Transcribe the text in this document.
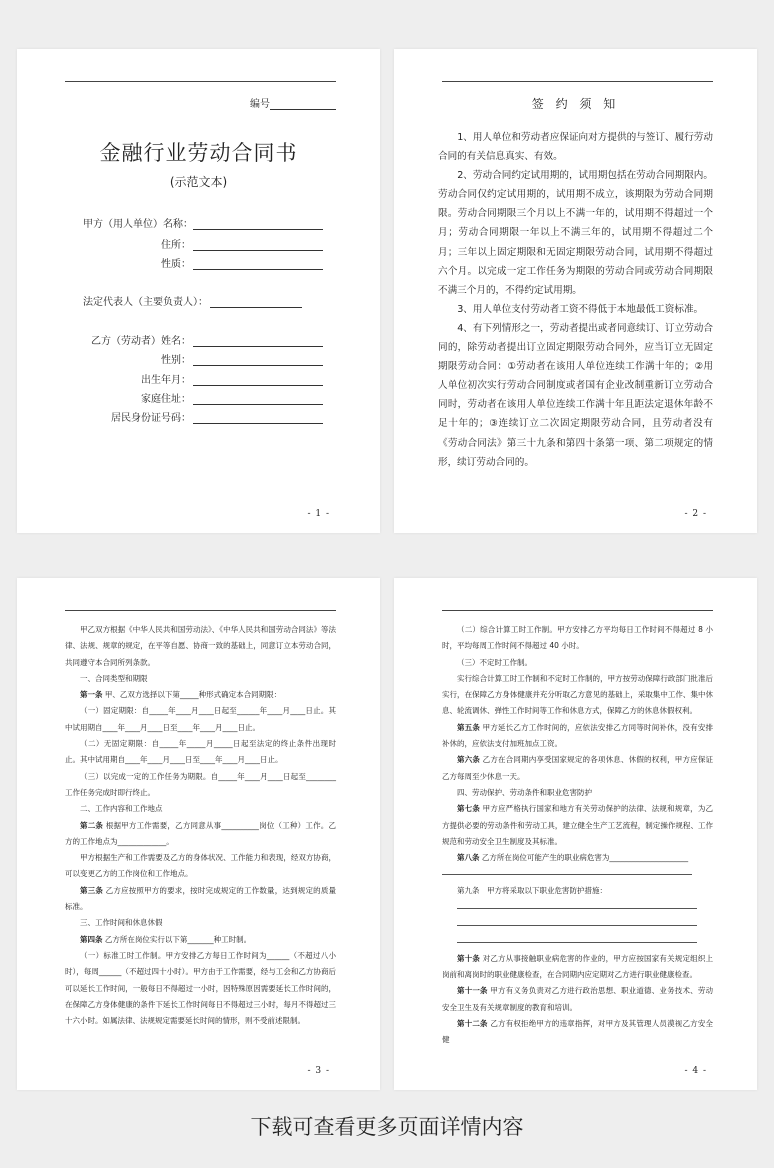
编号
金融行业劳动合同书
(示范文本)
甲方（用人单位）名称：
住所：
性质：
法定代表人（主要负责人）：
乙方（劳动者）姓名：
性别：
出生年月：
家庭住址：
居民身份证号码：
- 1 -
签 约 须 知

1、用人单位和劳动者应保证向对方提供的与签订、履行劳动合同的有关信息真实、有效。

2、劳动合同约定试用期的，试用期包括在劳动合同期限内。劳动合同仅约定试用期的，试用期不成立，该期限为劳动合同期限。劳动合同期限三个月以上不满一年的，试用期不得超过一个月；劳动合同期限一年以上不满三年的，试用期不得超过二个月；三年以上固定期限和无固定期限劳动合同，试用期不得超过六个月。以完成一定工作任务为期限的劳动合同或劳动合同期限不满三个月的，不得约定试用期。

3、用人单位支付劳动者工资不得低于本地最低工资标准。

4、有下列情形之一，劳动者提出或者同意续订、订立劳动合同的，除劳动者提出订立固定期限劳动合同外，应当订立无固定期限劳动合同：①劳动者在该用人单位连续工作满十年的；②用人单位初次实行劳动合同制度或者国有企业改制重新订立劳动合同时，劳动者在该用人单位连续工作满十年且距法定退休年龄不足十年的；③连续订立二次固定期限劳动合同，且劳动者没有《劳动合同法》第三十九条和第四十条第一项、第二项规定的情形，续订劳动合同的。

- 2 -

甲乙双方根据《中华人民共和国劳动法》、《中华人民共和国劳动合同法》等法律、法规、规章的规定，在平等自愿、协商一致的基础上，同意订立本劳动合同，共同遵守本合同所列条款。

一、合同类型和期限

第一条 甲、乙双方选择以下第_____种形式确定本合同期限：

（一）固定期限：自_____年____月____日起至______年____月____日止。其中试用期自____年____月____日至____年____月____日止。

（二）无固定期限：自_____年_____月_____日起至法定的终止条件出现时止。其中试用期自____年____月____日至____年____月____日止。

（三）以完成一定的工作任务为期限。自_____年____月____日起至________工作任务完成时即行终止。

二、工作内容和工作地点

第二条 根据甲方工作需要，乙方同意从事__________岗位（工种）工作。乙方的工作地点为_____________。

甲方根据生产和工作需要及乙方的身体状况、工作能力和表现，经双方协商，可以变更乙方的工作岗位和工作地点。

第三条 乙方应按照甲方的要求，按时完成规定的工作数量，达到规定的质量标准。

三、工作时间和休息休假

第四条 乙方所在岗位实行以下第_______种工时制。

（一）标准工时工作制。甲方安排乙方每日工作时间为______（不超过八小时），每周______（不超过四十小时）。甲方由于工作需要，经与工会和乙方协商后可以延长工作时间，一般每日不得超过一小时，因特殊原因需要延长工作时间的，在保障乙方身体健康的条件下延长工作时间每日不得超过三小时，每月不得超过三十六小时。如属法律、法规规定需要延长时间的情形，则不受前述限制。

- 3 -

（二）综合计算工时工作制。甲方安排乙方平均每日工作时间不得超过 8 小时，平均每周工作时间不得超过 40 小时。

（三）不定时工作制。

实行综合计算工时工作制和不定时工作制的，甲方按劳动保障行政部门批准后实行，在保障乙方身体健康并充分听取乙方意见的基础上，采取集中工作、集中休息、轮流调休、弹性工作时间等工作和休息方式，保障乙方的休息休假权利。

第五条 甲方延长乙方工作时间的，应依法安排乙方同等时间补休，没有安排补休的，应依法支付加班加点工资。

第六条 乙方在合同期内享受国家规定的各项休息、休假的权利，甲方应保证乙方每周至少休息一天。

四、劳动保护、劳动条件和职业危害防护

第七条 甲方应严格执行国家和地方有关劳动保护的法律、法规和规章，为乙方提供必要的劳动条件和劳动工具，建立健全生产工艺流程，制定操作规程、工作规范和劳动安全卫生制度及其标准。

第八条 乙方所在岗位可能产生的职业病危害为_____________________

第九条　甲方将采取以下职业危害防护措施：

第十条 对乙方从事接触职业病危害的作业的，甲方应按国家有关规定组织上岗前和离岗时的职业健康检查，在合同期内应定期对乙方进行职业健康检查。

第十一条 甲方有义务负责对乙方进行政治思想、职业道德、业务技术、劳动安全卫生及有关规章制度的教育和培训。

第十二条 乙方有权拒绝甲方的违章指挥，对甲方及其管理人员漠视乙方安全健

- 4 -
下载可查看更多页面详情内容
